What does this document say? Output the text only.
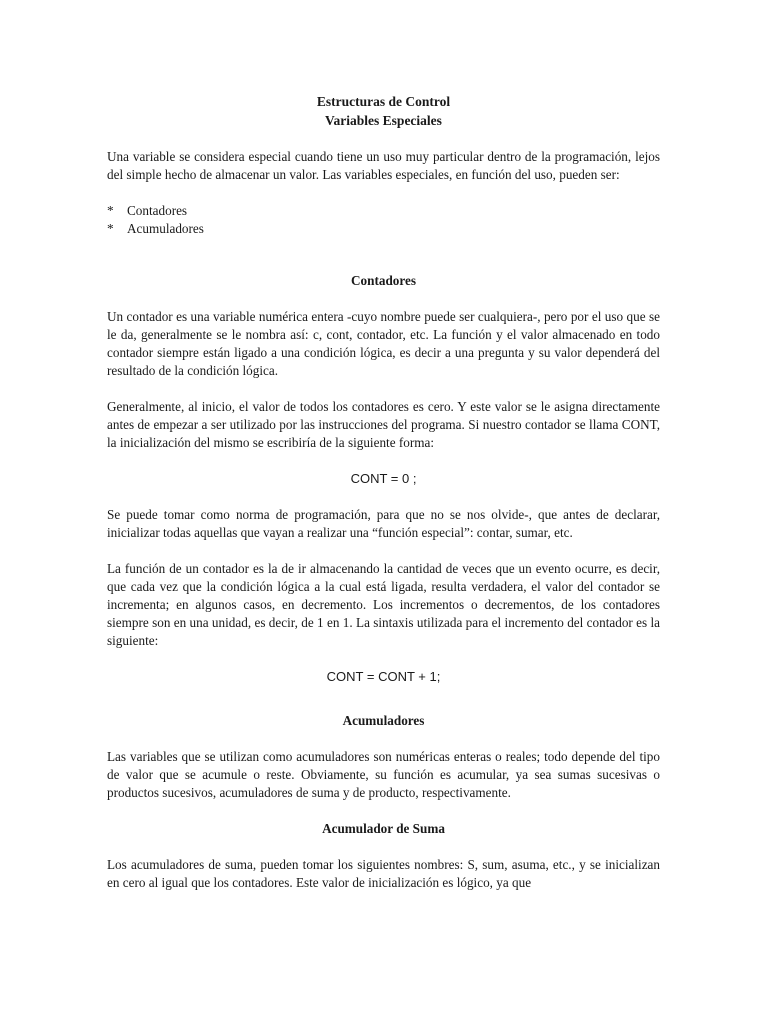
Estructuras de Control

Variables Especiales

Una variable se considera especial cuando tiene un uso muy particular dentro de la programación, lejos del simple hecho de almacenar un valor. Las variables especiales, en función del uso, pueden ser:

*	Contadores
*	Acumuladores

Contadores

Un contador es una variable numérica entera -cuyo nombre puede ser cualquiera-, pero por el uso que se le da, generalmente se le nombra así: c, cont, contador, etc. La función y el valor almacenado en todo contador siempre están ligado a una condición lógica, es decir a una pregunta y su valor dependerá del resultado de la condición lógica.

Generalmente, al inicio, el valor de todos los contadores es cero. Y este valor se le asigna directamente antes de empezar a ser utilizado por las instrucciones del programa. Si nuestro contador se llama CONT, la inicialización del mismo se escribiría de la siguiente forma:

CONT = 0 ;

Se puede tomar como norma de programación, para que no se nos olvide-, que antes de declarar, inicializar todas aquellas que vayan a realizar una “función especial”: contar, sumar, etc.

La función de un contador es la de ir almacenando la cantidad de veces que un evento ocurre, es decir, que cada vez que la condición lógica a la cual está ligada, resulta verdadera, el valor del contador se incrementa; en algunos casos, en decremento. Los incrementos o decrementos, de los contadores siempre son en una unidad, es decir, de 1 en 1. La sintaxis utilizada para el incremento del contador es la siguiente:

CONT = CONT + 1;

Acumuladores

Las variables que se utilizan como acumuladores son numéricas enteras o reales; todo depende del tipo de valor que se acumule o reste. Obviamente, su función es acumular, ya sea sumas sucesivas o productos sucesivos, acumuladores de suma y de producto, respectivamente.

Acumulador de Suma

Los acumuladores de suma, pueden tomar los siguientes nombres: S, sum, asuma, etc., y se inicializan en cero al igual que los contadores. Este valor de inicialización es lógico, ya que
